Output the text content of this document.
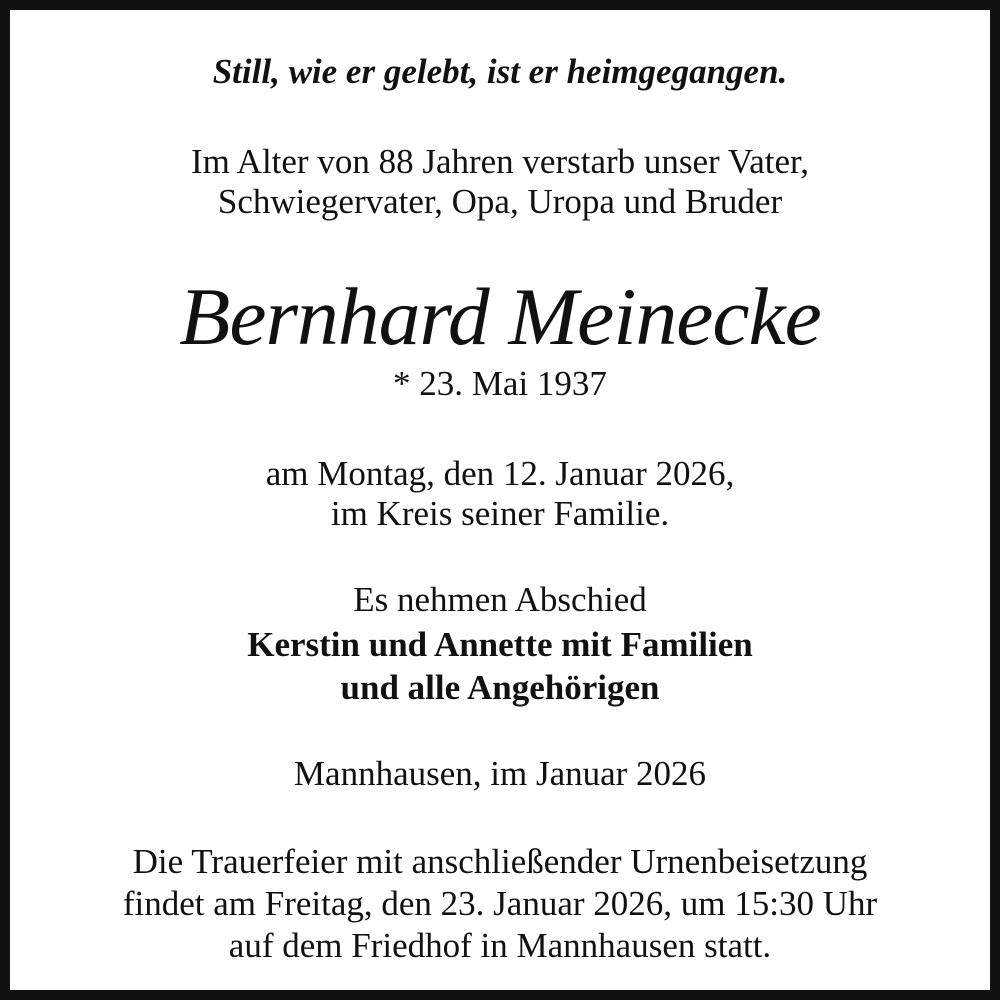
Still, wie er gelebt, ist er heimgegangen.
Im Alter von 88 Jahren verstarb unser Vater,
Schwiegervater, Opa, Uropa und Bruder
Bernhard Meinecke
* 23. Mai 1937
am Montag, den 12. Januar 2026,
im Kreis seiner Familie.
Es nehmen Abschied
Kerstin und Annette mit Familien
und alle Angehörigen
Mannhausen, im Januar 2026
Die Trauerfeier mit anschließender Urnenbeisetzung
findet am Freitag, den 23. Januar 2026, um 15:30 Uhr
auf dem Friedhof in Mannhausen statt.
